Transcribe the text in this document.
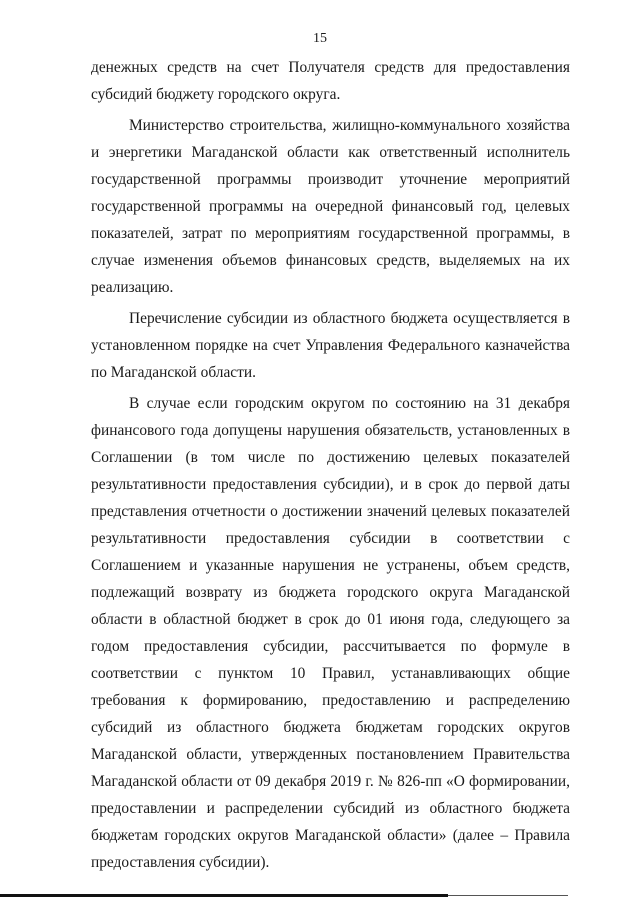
15

денежных средств на счет Получателя средств для предоставления субсидий бюджету городского округа.

Министерство строительства, жилищно-коммунального хозяйства и энергетики Магаданской области как ответственный исполнитель государственной программы производит уточнение мероприятий государственной программы на очередной финансовый год, целевых показателей, затрат по мероприятиям государственной программы, в случае изменения объемов финансовых средств, выделяемых на их реализацию.

Перечисление субсидии из областного бюджета осуществляется в установленном порядке на счет Управления Федерального казначейства по Магаданской области.

В случае если городским округом по состоянию на 31 декабря финансового года допущены нарушения обязательств, установленных в Соглашении (в том числе по достижению целевых показателей результативности предоставления субсидии), и в срок до первой даты представления отчетности о достижении значений целевых показателей результативности предоставления субсидии в соответствии с Соглашением и указанные нарушения не устранены, объем средств, подлежащий возврату из бюджета городского округа Магаданской области в областной бюджет в срок до 01 июня года, следующего за годом предоставления субсидии, рассчитывается по формуле в соответствии с пунктом 10 Правил, устанавливающих общие требования к формированию, предоставлению и распределению субсидий из областного бюджета бюджетам городских округов Магаданской области, утвержденных постановлением Правительства Магаданской области от 09 декабря 2019 г. № 826-пп «О формировании, предоставлении и распределении субсидий из областного бюджета бюджетам городских округов Магаданской области» (далее – Правила предоставления субсидии).
